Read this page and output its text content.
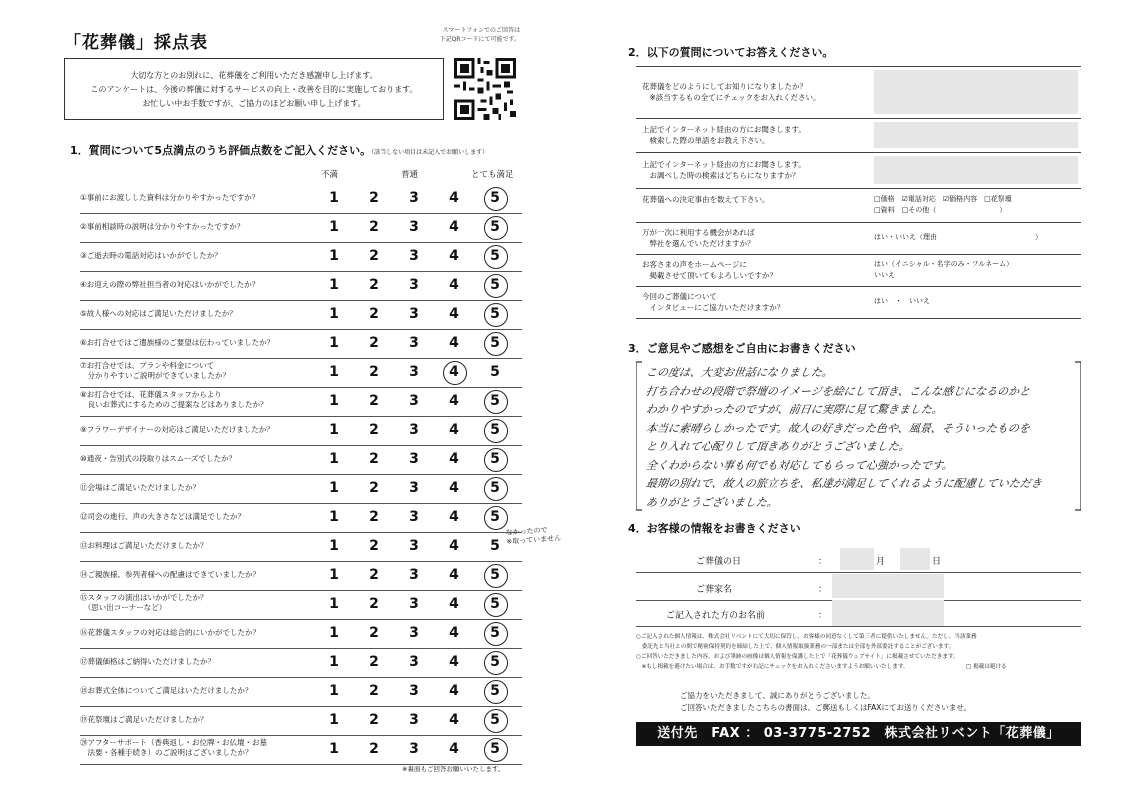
「花葬儀」採点表
スマートフォンでのご回答は
下記QRコードにて可能です。
大切な方とのお別れに、花葬儀をご利用いただき感謝申し上げます。
このアンケートは、今後の葬儀に対するサービスの向上・改善を目的に実施しております。
お忙しい中お手数ですが、ご協力のほどお願い申し上げます。
1．質問について5点満点のうち評価点数をご記入ください。（該当しない項目は未記入でお願いします）
不満	普通	とても満足
①事前にお渡しした資料は分かりやすかったですか？	1 2 3 4 5
②事前相談時の説明は分かりやすかったですか？	1 2 3 4 5
③ご逝去時の電話対応はいかがでしたか？	1 2 3 4 5
④お迎えの際の弊社担当者の対応はいかがでしたか？	1 2 3 4 5
⑤故人様への対応はご満足いただけましたか？	1 2 3 4 5
⑥お打合せではご遺族様のご要望は伝わっていましたか？	1 2 3 4 5
⑦お打合せでは、プランや料金について
　分かりやすいご説明ができていましたか？	1 2 3 4 5
⑧お打合せでは、花葬儀スタッフからより
　良いお葬式にするためのご提案などはありましたか？	1 2 3 4 5
⑨フラワーデザイナーの対応はご満足いただけましたか？	1 2 3 4 5
⑩通夜・告別式の段取りはスムーズでしたか？	1 2 3 4 5
⑪会場はご満足いただけましたか？	1 2 3 4 5
⑫司会の進行、声の大きさなどは満足でしたか？	1 2 3 4 5
⑬お料理はご満足いただけましたか？	1 2 3 4 5
⑭ご親族様、参列者様への配慮はできていましたか？	1 2 3 4 5
⑮スタッフの演出はいかがでしたか？
　（思い出コーナーなど）	1 2 3 4 5
⑯花葬儀スタッフの対応は総合的にいかがでしたか？	1 2 3 4 5
⑰葬儀価格はご納得いただけましたか？	1 2 3 4 5
⑱お葬式全体についてご満足はいただけましたか？	1 2 3 4 5
⑲花祭壇はご満足いただけましたか？	1 2 3 4 5
⑳アフターサポート（香典返し・お位牌・お仏壇・お墓
　法要・各種手続き）のご説明はございましたか？	1 2 3 4 5
なかったので
※取っていません
※裏面もご回答お願いいたします。
2．以下の質問についてお答えください。
花葬儀をどのようにしてお知りになりましたか？
　※該当するもの全てにチェックをお入れください。
上記でインターネット経由の方にお聞きします。
　検索した際の単語をお教え下さい。
上記でインターネット経由の方にお聞きします。
　お調べした時の検索はどちらになりますか？
花葬儀への決定事由を数えて下さい。	□価格　☑電話対応　☑価格内容　□花祭壇
□資料　□その他（　　　　　　　　　）
万が一次に利用する機会があれば
　弊社を選んでいただけますか？
はい・いいえ（理由　　　　　　　　　　　　　　）
お客さまの声をホームページに
　掲載させて頂いてもよろしいですか？
はい（イニシャル・名字のみ・フルネーム）
いいえ
今回のご葬儀について
　インタビューにご協力いただけますか？
はい　・　いいえ
3．ご意見やご感想をご自由にお書きください
この度は、大変お世話になりました。
打ち合わせの段階で祭壇のイメージを絵にして頂き、こんな感じになるのかと
わかりやすかったのですが、前日に実際に見て驚きました。
本当に素晴らしかったです。故人の好きだった色や、風景、そういったものを
とり入れて心配りして頂きありがとうございました。
全くわからない事も何でも対応してもらって心強かったです。
最期の別れで、故人の旅立ちを、私達が満足してくれるように配慮していただき
ありがとうございました。
4．お客様の情報をお書きください
ご葬儀の日	：	月	日
ご葬家名	：
ご記入された方のお名前	：
○ご記入された個人情報は、株式会社リベントにて大切に保管し、お客様の同意なくして第三者に提供いたしません。ただし、当該業務
　委託先と当社との間で秘密保持契約を締結した上で、個人情報取扱業務の一部または全部を外部委託することがございます。
○ご回答いただきました内容、および筆跡の画像は個人情報を保護した上で「花葬儀ウェブサイト」に掲載させていただきます。
　※もし掲載を避けたい場合は、お手数ですが右記にチェックをお入れくださいますようお願いいたします。	□ 掲載は避ける
ご協力をいただきまして、誠にありがとうございました。
ご回答いただきましたこちらの書面は、ご郵送もしくはFAXにてお送りくださいませ。
送付先　FAX ： 03-3775-2752　株式会社リベント「花葬儀」
